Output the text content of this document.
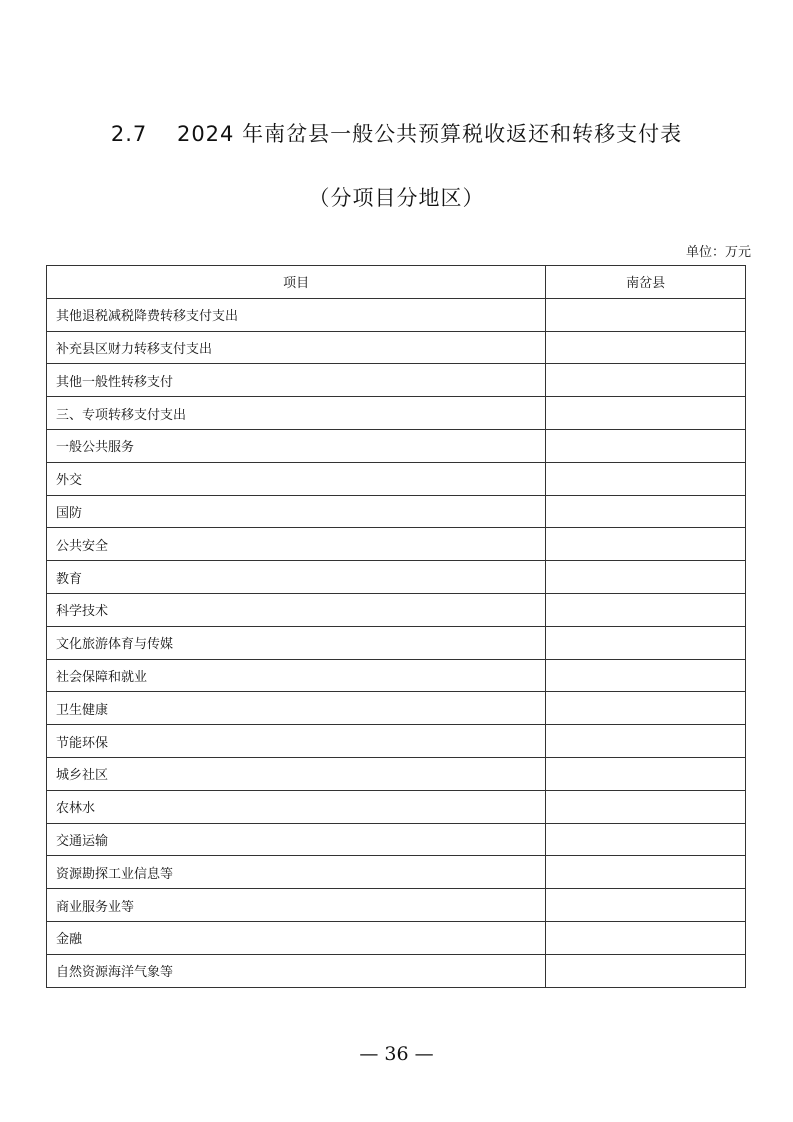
2.7　 2024 年南岔县一般公共预算税收返还和转移支付表
（分项目分地区）
单位：万元
项目	南岔县
其他退税减税降费转移支付支出	
补充县区财力转移支付支出	
其他一般性转移支付	
三、专项转移支付支出	
一般公共服务	
外交	
国防	
公共安全	
教育	
科学技术	
文化旅游体育与传媒	
社会保障和就业	
卫生健康	
节能环保	
城乡社区	
农林水	
交通运输	
资源勘探工业信息等	
商业服务业等	
金融	
自然资源海洋气象等	
— 36 —
